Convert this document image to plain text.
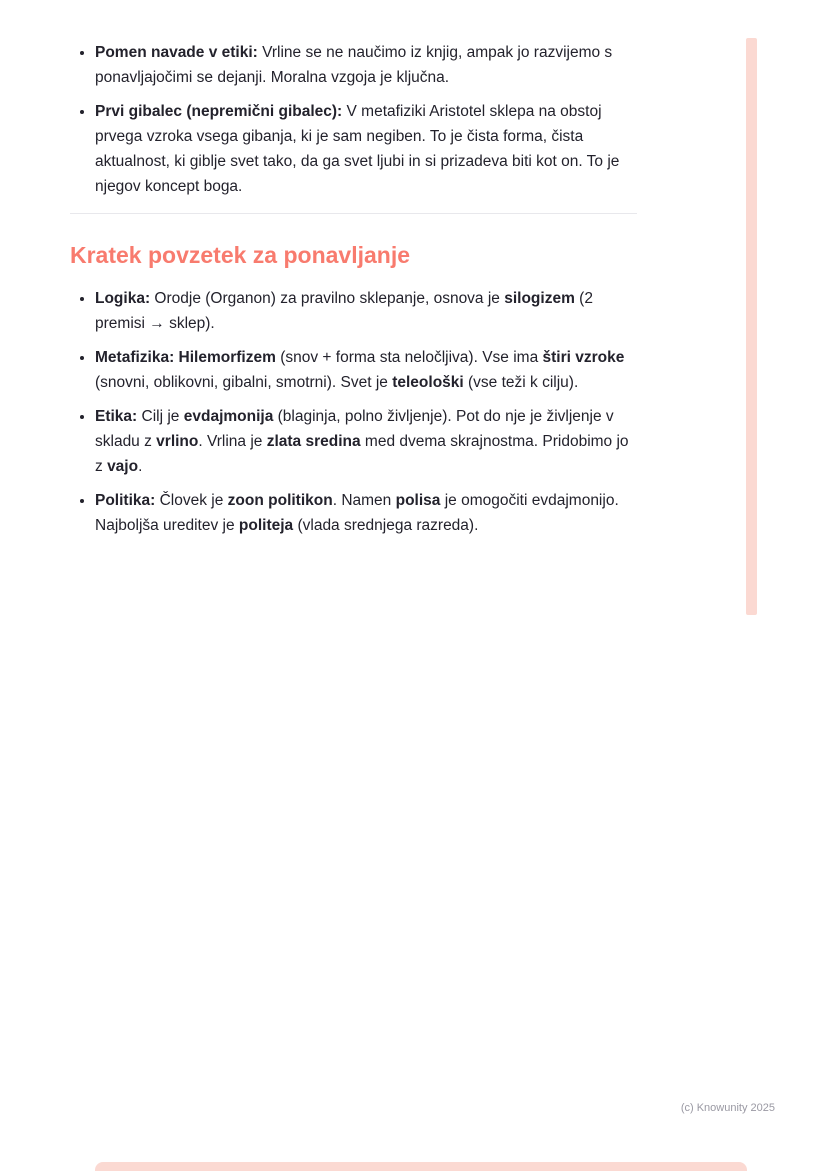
• Pomen navade v etiki: Vrline se ne naučimo iz knjig, ampak jo razvijemo s ponavljajočimi se dejanji. Moralna vzgoja je ključna.
• Prvi gibalec (nepremični gibalec): V metafiziki Aristotel sklepa na obstoj prvega vzroka vsega gibanja, ki je sam negiben. To je čista forma, čista aktualnost, ki giblje svet tako, da ga svet ljubi in si prizadeva biti kot on. To je njegov koncept boga.
Kratek povzetek za ponavljanje
• Logika: Orodje (Organon) za pravilno sklepanje, osnova je silogizem (2 premisi → sklep).
• Metafizika: Hilemorfizem (snov + forma sta neločljiva). Vse ima štiri vzroke (snovni, oblikovni, gibalni, smotrni). Svet je teleološki (vse teži k cilju).
• Etika: Cilj je evdajmonija (blaginja, polno življenje). Pot do nje je življenje v skladu z vrlino. Vrlina je zlata sredina med dvema skrajnostma. Pridobimo jo z vajo.
• Politika: Človek je zoon politikon. Namen polisa je omogočiti evdajmonijo. Najboljša ureditev je politeja (vlada srednjega razreda).
(c) Knowunity 2025
